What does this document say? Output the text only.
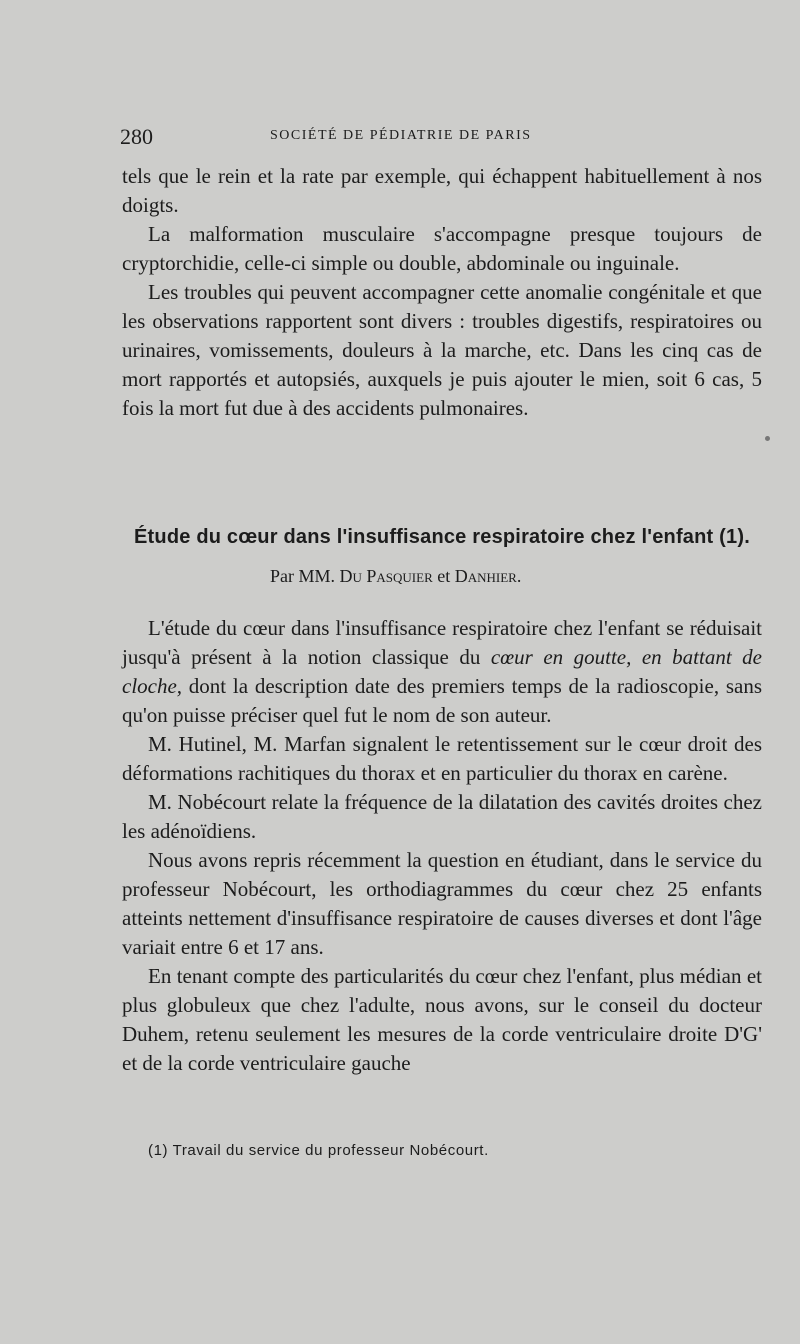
280	SOCIÉTÉ DE PÉDIATRIE DE PARIS

tels que le rein et la rate par exemple, qui échappent habituellement à nos doigts.

La malformation musculaire s'accompagne presque toujours de cryptorchidie, celle-ci simple ou double, abdominale ou inguinale.

Les troubles qui peuvent accompagner cette anomalie congénitale et que les observations rapportent sont divers : troubles digestifs, respiratoires ou urinaires, vomissements, douleurs à la marche, etc. Dans les cinq cas de mort rapportés et autopsiés, auxquels je puis ajouter le mien, soit 6 cas, 5 fois la mort fut due à des accidents pulmonaires.

Étude du cœur dans l'insuffisance respiratoire chez l'enfant (1).
Par MM. Du Pasquier et Danhier.

L'étude du cœur dans l'insuffisance respiratoire chez l'enfant se réduisait jusqu'à présent à la notion classique du cœur en goutte, en battant de cloche, dont la description date des premiers temps de la radioscopie, sans qu'on puisse préciser quel fut le nom de son auteur.

M. Hutinel, M. Marfan signalent le retentissement sur le cœur droit des déformations rachitiques du thorax et en particulier du thorax en carène.

M. Nobécourt relate la fréquence de la dilatation des cavités droites chez les adénoïdiens.

Nous avons repris récemment la question en étudiant, dans le service du professeur Nobécourt, les orthodiagrammes du cœur chez 25 enfants atteints nettement d'insuffisance respiratoire de causes diverses et dont l'âge variait entre 6 et 17 ans.

En tenant compte des particularités du cœur chez l'enfant, plus médian et plus globuleux que chez l'adulte, nous avons, sur le conseil du docteur Duhem, retenu seulement les mesures de la corde ventriculaire droite D'G' et de la corde ventriculaire gauche

(1) Travail du service du professeur Nobécourt.
